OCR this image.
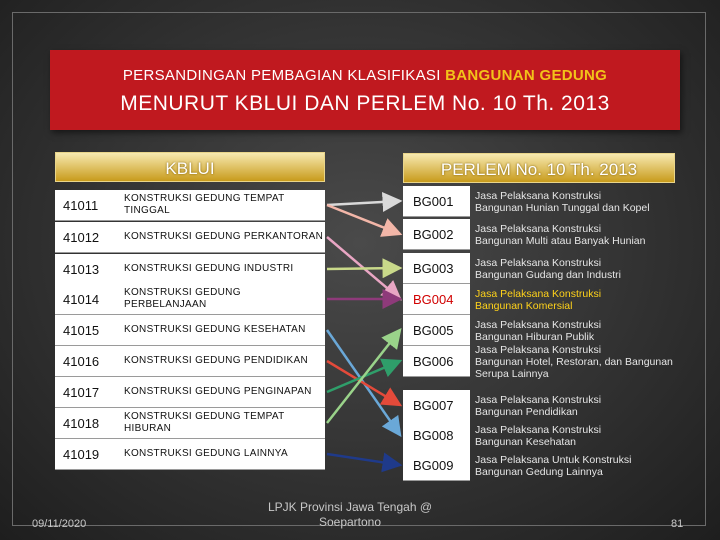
PERSANDINGAN PEMBAGIAN KLASIFIKASI BANGUNAN GEDUNG
MENURUT KBLUI DAN PERLEM No. 10 Th. 2013
KBLUI	PERLEM No. 10 Th. 2013
41011	KONSTRUKSI GEDUNG TEMPAT TINGGAL
41012	KONSTRUKSI GEDUNG PERKANTORAN
41013	KONSTRUKSI GEDUNG INDUSTRI
41014	KONSTRUKSI GEDUNG PERBELANJAAN
41015	KONSTRUKSI GEDUNG KESEHATAN
41016	KONSTRUKSI GEDUNG PENDIDIKAN
41017	KONSTRUKSI GEDUNG PENGINAPAN
41018	KONSTRUKSI GEDUNG TEMPAT HIBURAN
41019	KONSTRUKSI GEDUNG LAINNYA
BG001	Jasa Pelaksana Konstruksi
Bangunan Hunian Tunggal dan Kopel
BG002	Jasa Pelaksana Konstruksi
Bangunan Multi atau Banyak Hunian
BG003	Jasa Pelaksana Konstruksi
Bangunan Gudang dan Industri
BG004	Jasa Pelaksana Konstruksi
Bangunan Komersial
BG005	Jasa Pelaksana Konstruksi
Bangunan Hiburan Publik
BG006
Jasa Pelaksana Konstruksi
Bangunan Hotel, Restoran, dan Bangunan Serupa Lainnya
BG007	Jasa Pelaksana Konstruksi
Bangunan Pendidikan
BG008	Jasa Pelaksana Konstruksi
Bangunan Kesehatan
BG009	Jasa Pelaksana Untuk Konstruksi
Bangunan Gedung Lainnya
09/11/2020
LPJK Provinsi Jawa Tengah @
Soepartono	81
